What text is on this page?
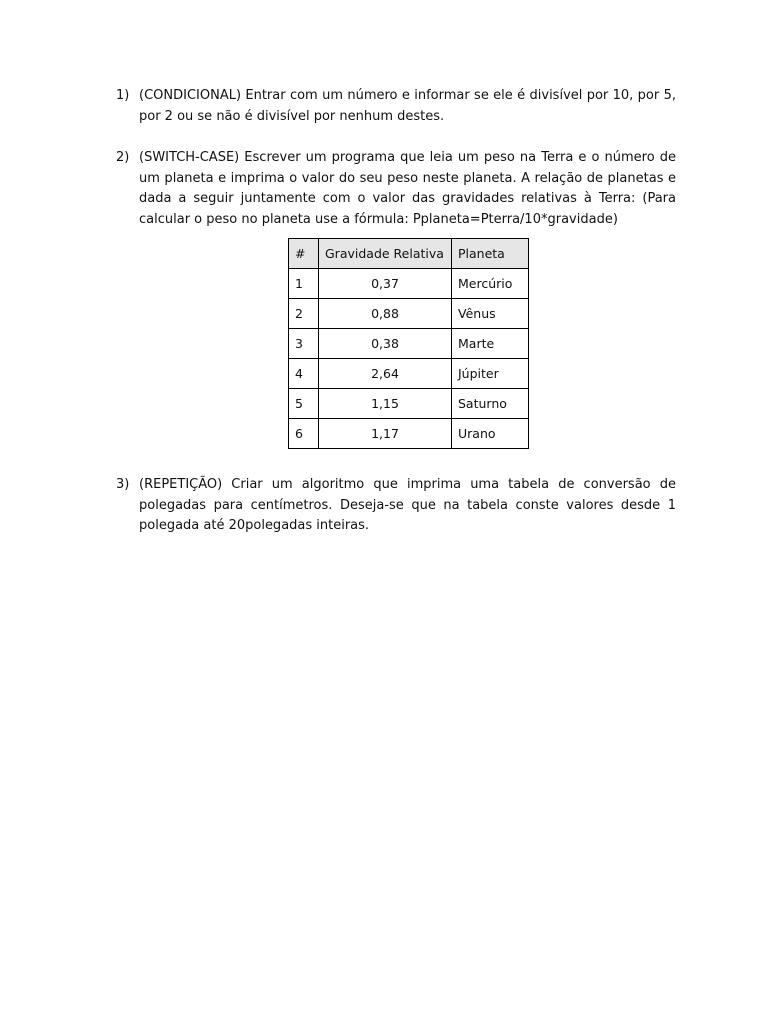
1) (CONDICIONAL) Entrar com um número e informar se ele é divisível por 10, por 5, por 2 ou se não é divisível por nenhum destes.
2) (SWITCH-CASE) Escrever um programa que leia um peso na Terra e o número de um planeta e imprima o valor do seu peso neste planeta. A relação de planetas e dada a seguir juntamente com o valor das gravidades relativas à Terra: (Para calcular o peso no planeta use a fórmula: Pplaneta=Pterra/10*gravidade)
#	Gravidade Relativa	Planeta
1	0,37	Mercúrio
2	0,88	Vênus
3	0,38	Marte
4	2,64	Júpiter
5	1,15	Saturno
6	1,17	Urano
3) (REPETIÇÃO) Criar um algoritmo que imprima uma tabela de conversão de polegadas para centímetros. Deseja-se que na tabela conste valores desde 1 polegada até 20polegadas inteiras.
